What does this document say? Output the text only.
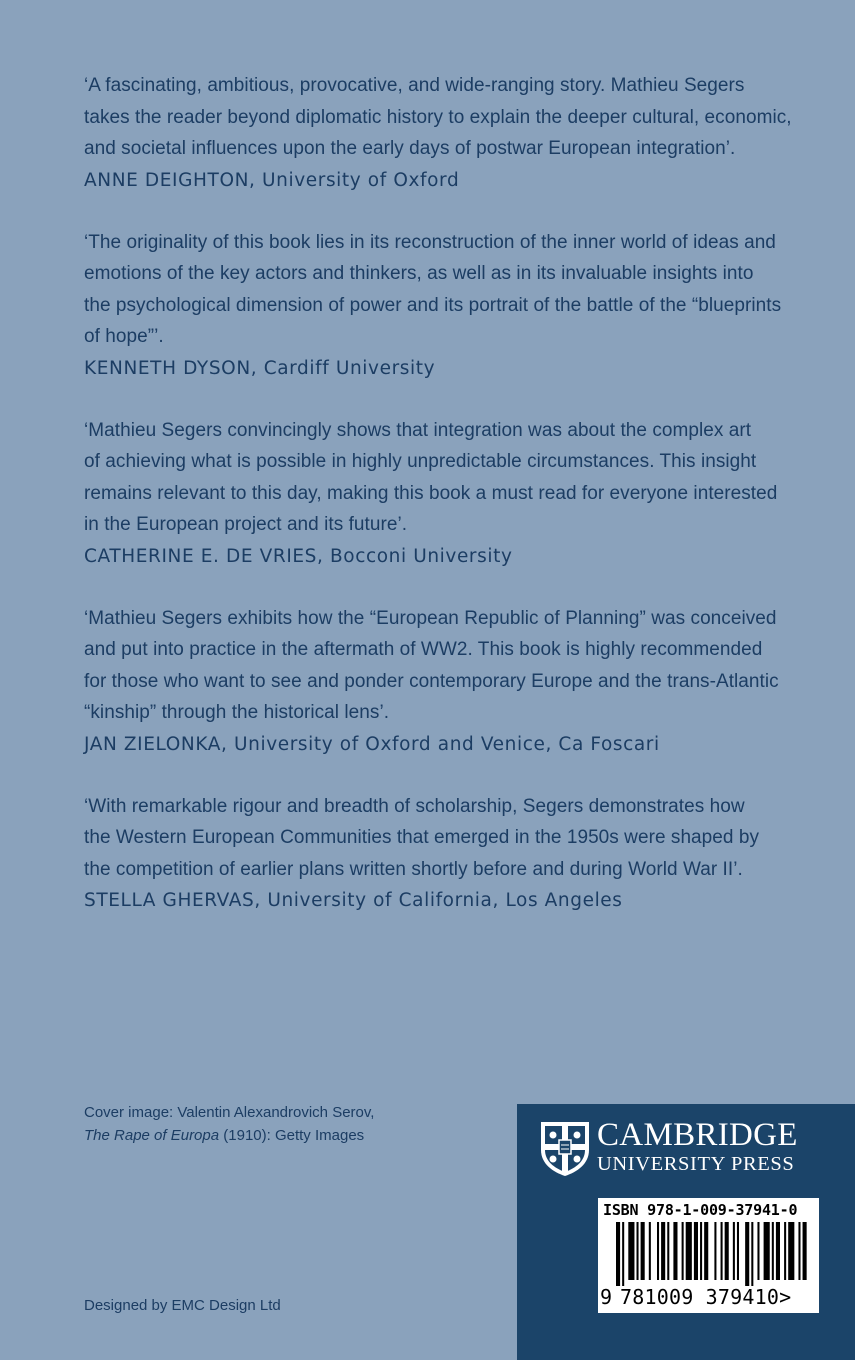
‘A fascinating, ambitious, provocative, and wide-ranging story. Mathieu Segers
takes the reader beyond diplomatic history to explain the deeper cultural, economic,
and societal influences upon the early days of postwar European integration’.

ANNE DEIGHTON, University of Oxford

‘The originality of this book lies in its reconstruction of the inner world of ideas and
emotions of the key actors and thinkers, as well as in its invaluable insights into
the psychological dimension of power and its portrait of the battle of the “blueprints
of hope”’.

KENNETH DYSON, Cardiff University

‘Mathieu Segers convincingly shows that integration was about the complex art
of achieving what is possible in highly unpredictable circumstances. This insight
remains relevant to this day, making this book a must read for everyone interested
in the European project and its future’.

CATHERINE E. DE VRIES, Bocconi University

‘Mathieu Segers exhibits how the “European Republic of Planning” was conceived
and put into practice in the aftermath of WW2. This book is highly recommended
for those who want to see and ponder contemporary Europe and the trans-Atlantic
“kinship” through the historical lens’.

JAN ZIELONKA, University of Oxford and Venice, Ca Foscari

‘With remarkable rigour and breadth of scholarship, Segers demonstrates how
the Western European Communities that emerged in the 1950s were shaped by
the competition of earlier plans written shortly before and during World War II’.

STELLA GHERVAS, University of California, Los Angeles

Cover image: Valentin Alexandrovich Serov,
The Rape of Europa (1910): Getty Images
Designed by EMC Design Ltd
CAMBRIDGE
UNIVERSITY PRESS
ISBN 978-1-009-37941-0
9 781009 379410>
